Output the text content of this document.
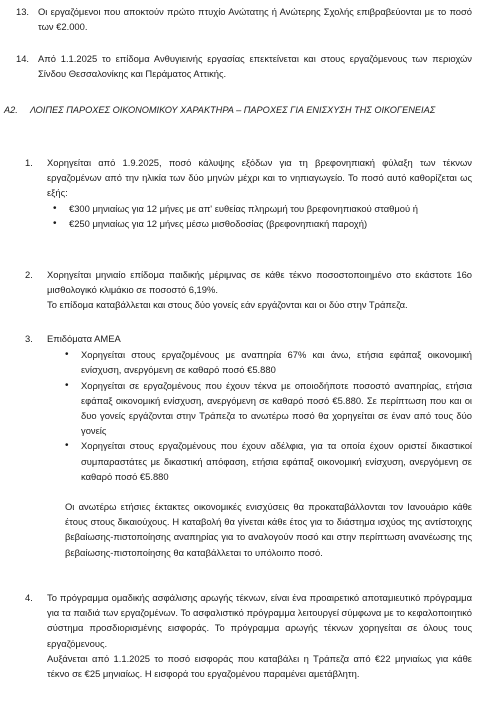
13. Οι εργαζόμενοι που αποκτούν πρώτο πτυχίο Ανώτατης ή Ανώτερης Σχολής επιβραβεύονται με το ποσό των €2.000.

14. Από 1.1.2025 το επίδομα Ανθυγιεινής εργασίας επεκτείνεται και στους εργαζόμενους των περιοχών Σίνδου Θεσσαλονίκης και Περάματος Αττικής.

A2. ΛΟΙΠΕΣ ΠΑΡΟΧΕΣ ΟΙΚΟΝΟΜΙΚΟΥ ΧΑΡΑΚΤΗΡΑ – ΠΑΡΟΧΕΣ ΓΙΑ ΕΝΙΣΧΥΣΗ ΤΗΣ ΟΙΚΟΓΕΝΕΙΑΣ
1.	Χορηγείται από 1.9.2025, ποσό κάλυψης εξόδων για τη βρεφονηπιακή φύλαξη των τέκνων εργαζομένων από την ηλικία των δύο μηνών μέχρι και το νηπιαγωγείο. Το ποσό αυτό καθορίζεται ως εξής:

• €300 μηνιαίως για 12 μήνες με απ' ευθείας πληρωμή του βρεφονηπιακού σταθμού ή
• €250 μηνιαίως για 12 μήνες μέσω μισθοδοσίας (βρεφονηπιακή παροχή)
2.	Χορηγείται μηνιαίο επίδομα παιδικής μέριμνας σε κάθε τέκνο ποσοστοποιημένο στο εκάστοτε 16ο μισθολογικό κλιμάκιο σε ποσοστό 6,19%.

Το επίδομα καταβάλλεται και στους δύο γονείς εάν εργάζονται και οι δύο στην Τράπεζα.

3.	Επιδόματα ΑΜΕΑ

• Χορηγείται στους εργαζομένους με αναπηρία 67% και άνω, ετήσια εφάπαξ οικονομική ενίσχυση, ανεργόμενη σε καθαρό ποσό €5.880
• Χορηγείται σε εργαζομένους που έχουν τέκνα με οποιοδήποτε ποσοστό αναπηρίας, ετήσια εφάπαξ οικονομική ενίσχυση, ανεργόμενη σε καθαρό ποσό €5.880. Σε περίπτωση που και οι δυο γονείς εργάζονται στην Τράπεζα το ανωτέρω ποσό θα χορηγείται σε έναν από τους δύο γονείς
• Χορηγείται στους εργαζομένους που έχουν αδέλφια, για τα οποία έχουν οριστεί δικαστικοί συμπαραστάτες με δικαστική απόφαση, ετήσια εφάπαξ οικονομική ενίσχυση, ανεργόμενη σε καθαρό ποσό €5.880

Οι ανωτέρω ετήσιες έκτακτες οικονομικές ενισχύσεις θα προκαταβάλλονται τον Ιανουάριο κάθε έτους στους δικαιούχους. Η καταβολή θα γίνεται κάθε έτος για το διάστημα ισχύος της αντίστοιχης βεβαίωσης-πιστοποίησης αναπηρίας για το αναλογούν ποσό και στην περίπτωση ανανέωσης της βεβαίωσης-πιστοποίησης θα καταβάλλεται το υπόλοιπο ποσό.

4.	Το πρόγραμμα ομαδικής ασφάλισης αρωγής τέκνων, είναι ένα προαιρετικό αποταμιευτικό πρόγραμμα για τα παιδιά των εργαζομένων. Το ασφαλιστικό πρόγραμμα λειτουργεί σύμφωνα με το κεφαλοποιητικό σύστημα προσδιορισμένης εισφοράς. Το πρόγραμμα αρωγής τέκνων χορηγείται σε όλους τους εργαζόμενους.

Αυξάνεται από 1.1.2025 το ποσό εισφοράς που καταβάλει η Τράπεζα από €22 μηνιαίως για κάθε τέκνο σε €25 μηνιαίως. Η εισφορά του εργαζομένου παραμένει αμετάβλητη.
